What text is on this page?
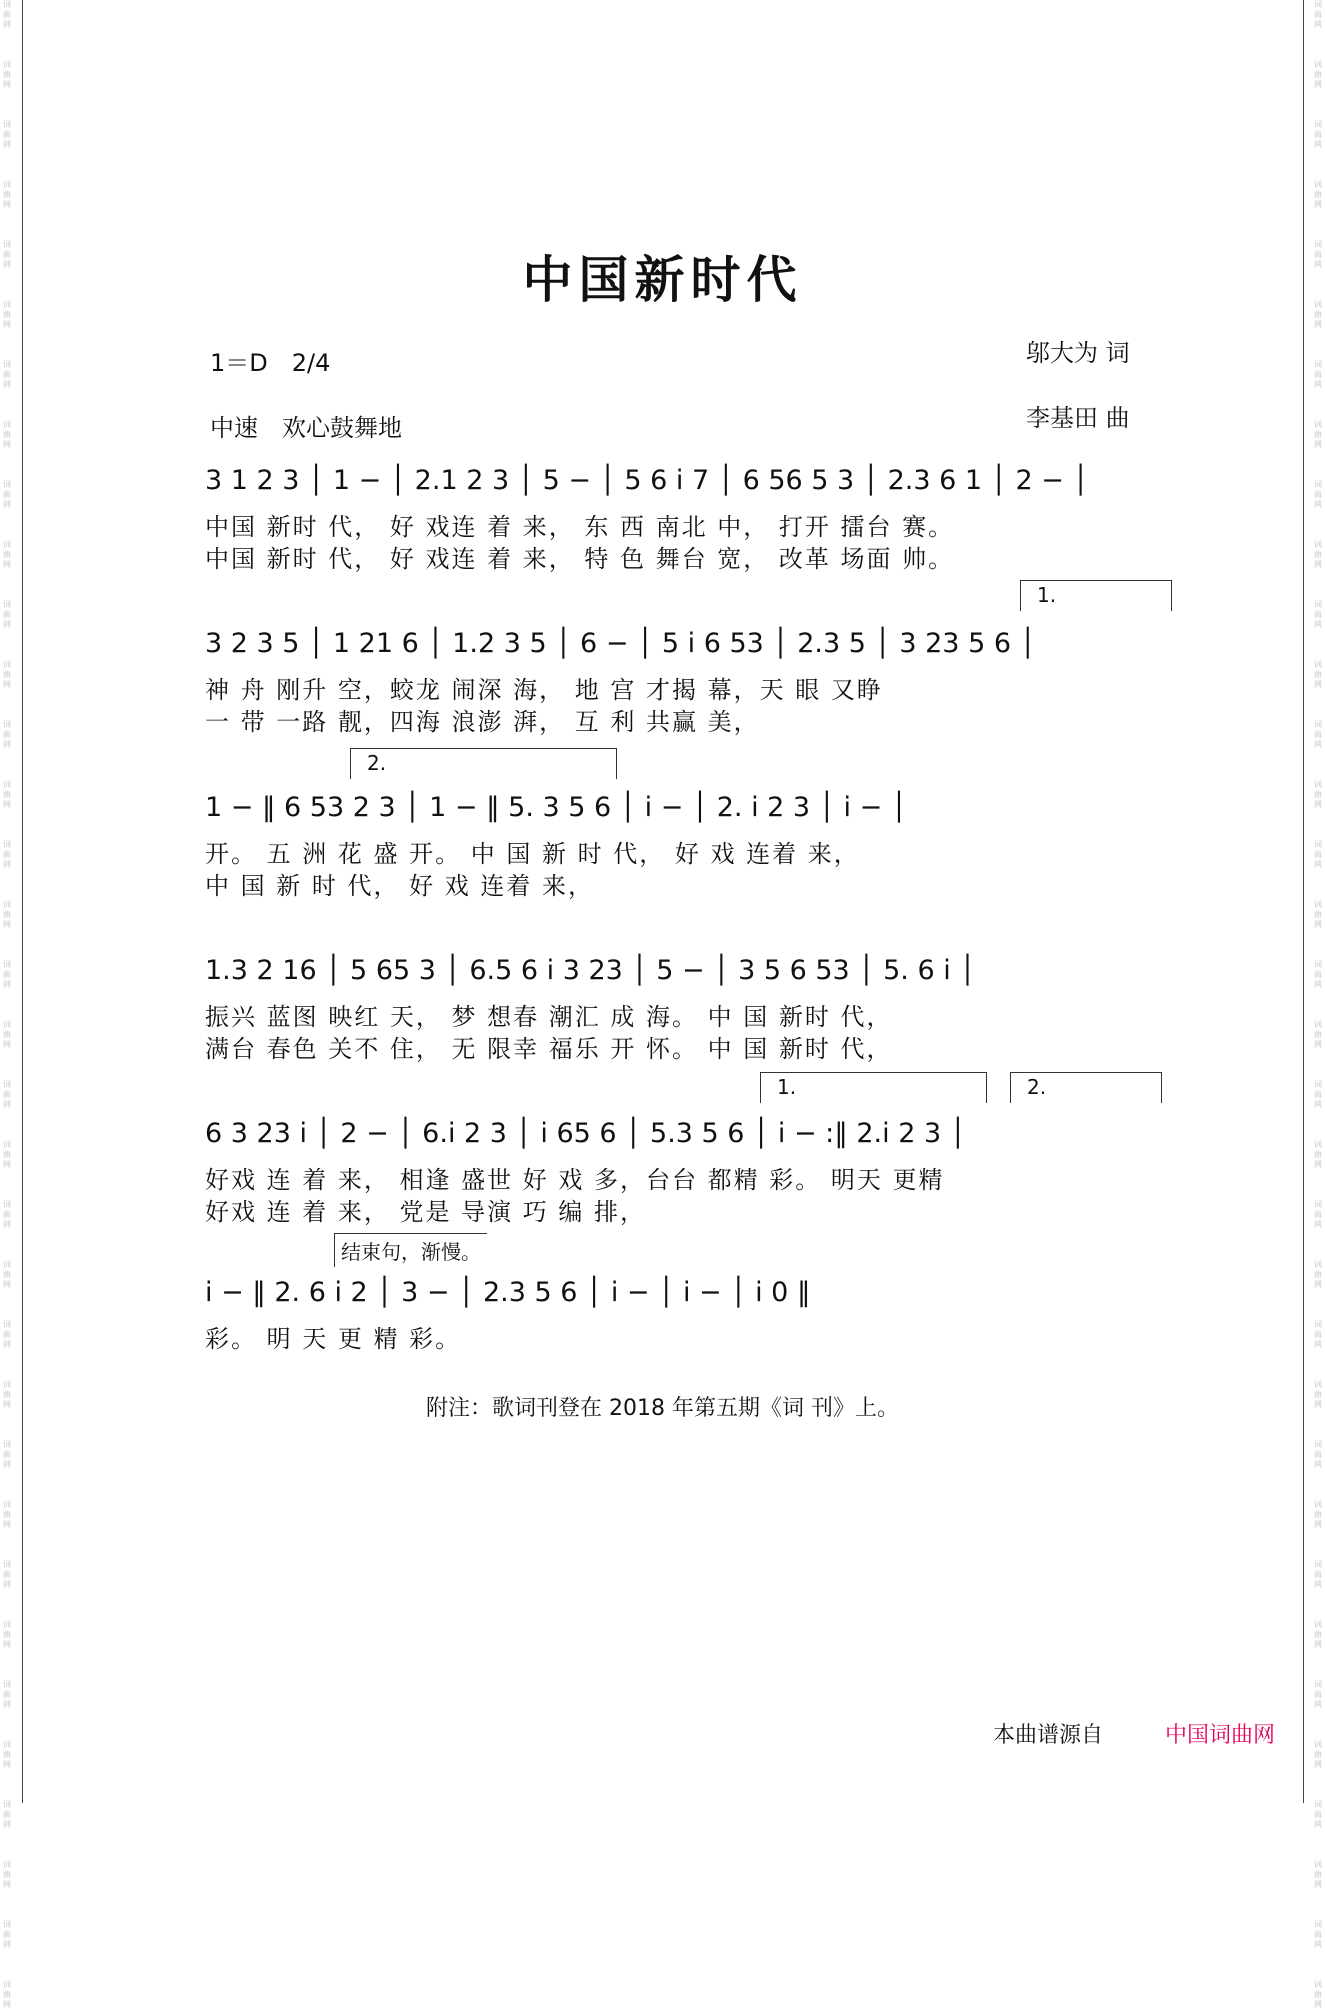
词曲网
词曲网
词曲网
词曲网
词曲网
词曲网
词曲网
词曲网
词曲网
词曲网
词曲网
词曲网
词曲网
词曲网
词曲网
词曲网
词曲网
词曲网
词曲网
词曲网
词曲网
词曲网
词曲网
词曲网
词曲网
词曲网
词曲网
词曲网
词曲网
词曲网
词曲网
词曲网
词曲网
词曲网
词曲网
词曲网
词曲网
词曲网
词曲网
词曲网
词曲网
词曲网
词曲网
词曲网
词曲网
词曲网
词曲网
词曲网
词曲网
词曲网
词曲网
词曲网
词曲网
词曲网
词曲网
词曲网
词曲网
词曲网
词曲网
词曲网
词曲网
词曲网
词曲网
词曲网
词曲网
词曲网
词曲网
词曲网
中国新时代
1＝D　2/4
中速　欢心鼓舞地
邬大为 词
李基田 曲
3 1 2 3 │ 1 − │ 2.1 2 3 │ 5 − │ 5 6 i 7 │ 6 56 5 3 │ 2.3 6 1 │ 2 − │
中国 新时 代， 好 戏连 着 来， 东 西 南北 中， 打开 擂台 赛。
中国 新时 代， 好 戏连 着 来， 特 色 舞台 宽， 改革 场面 帅。
1.
3 2 3 5 │ 1 21 6 │ 1.2 3 5 │ 6 − │ 5 i 6 53 │ 2.3 5 │ 3 23 5 6 │
神 舟 刚升 空，蛟龙 闹深 海， 地 宫 才揭 幕，天 眼 又睁
一 带 一路 靓，四海 浪澎 湃， 互 利 共赢 美，
2.
1 − ‖ 6 53 2 3 │ 1 − ‖ 5. 3 5 6 │ i − │ 2. i 2 3 │ i − │
开。 五 洲 花 盛 开。 中 国 新 时 代， 好 戏 连着 来，
中 国 新 时 代， 好 戏 连着 来，
1.3 2 16 │ 5 65 3 │ 6.5 6 i 3 23 │ 5 − │ 3 5 6 53 │ 5. 6 i │
振兴 蓝图 映红 天， 梦 想春 潮汇 成 海。 中 国 新时 代，
满台 春色 关不 住， 无 限幸 福乐 开 怀。 中 国 新时 代，
1.	2.
6 3 23 i │ 2 − │ 6.i 2 3 │ i 65 6 │ 5.3 5 6 │ i − :‖ 2.i 2 3 │
好戏 连 着 来， 相逢 盛世 好 戏 多，台台 都精 彩。 明天 更精
好戏 连 着 来， 党是 导演 巧 编 排，
结束句，渐慢。
i − ‖ 2. 6 i 2 │ 3 − │ 2.3 5 6 │ i − │ i − │ i 0 ‖
彩。 明 天 更 精 彩。
附注：歌词刊登在 2018 年第五期《词 刊》上。
本曲谱源自	中国词曲网
